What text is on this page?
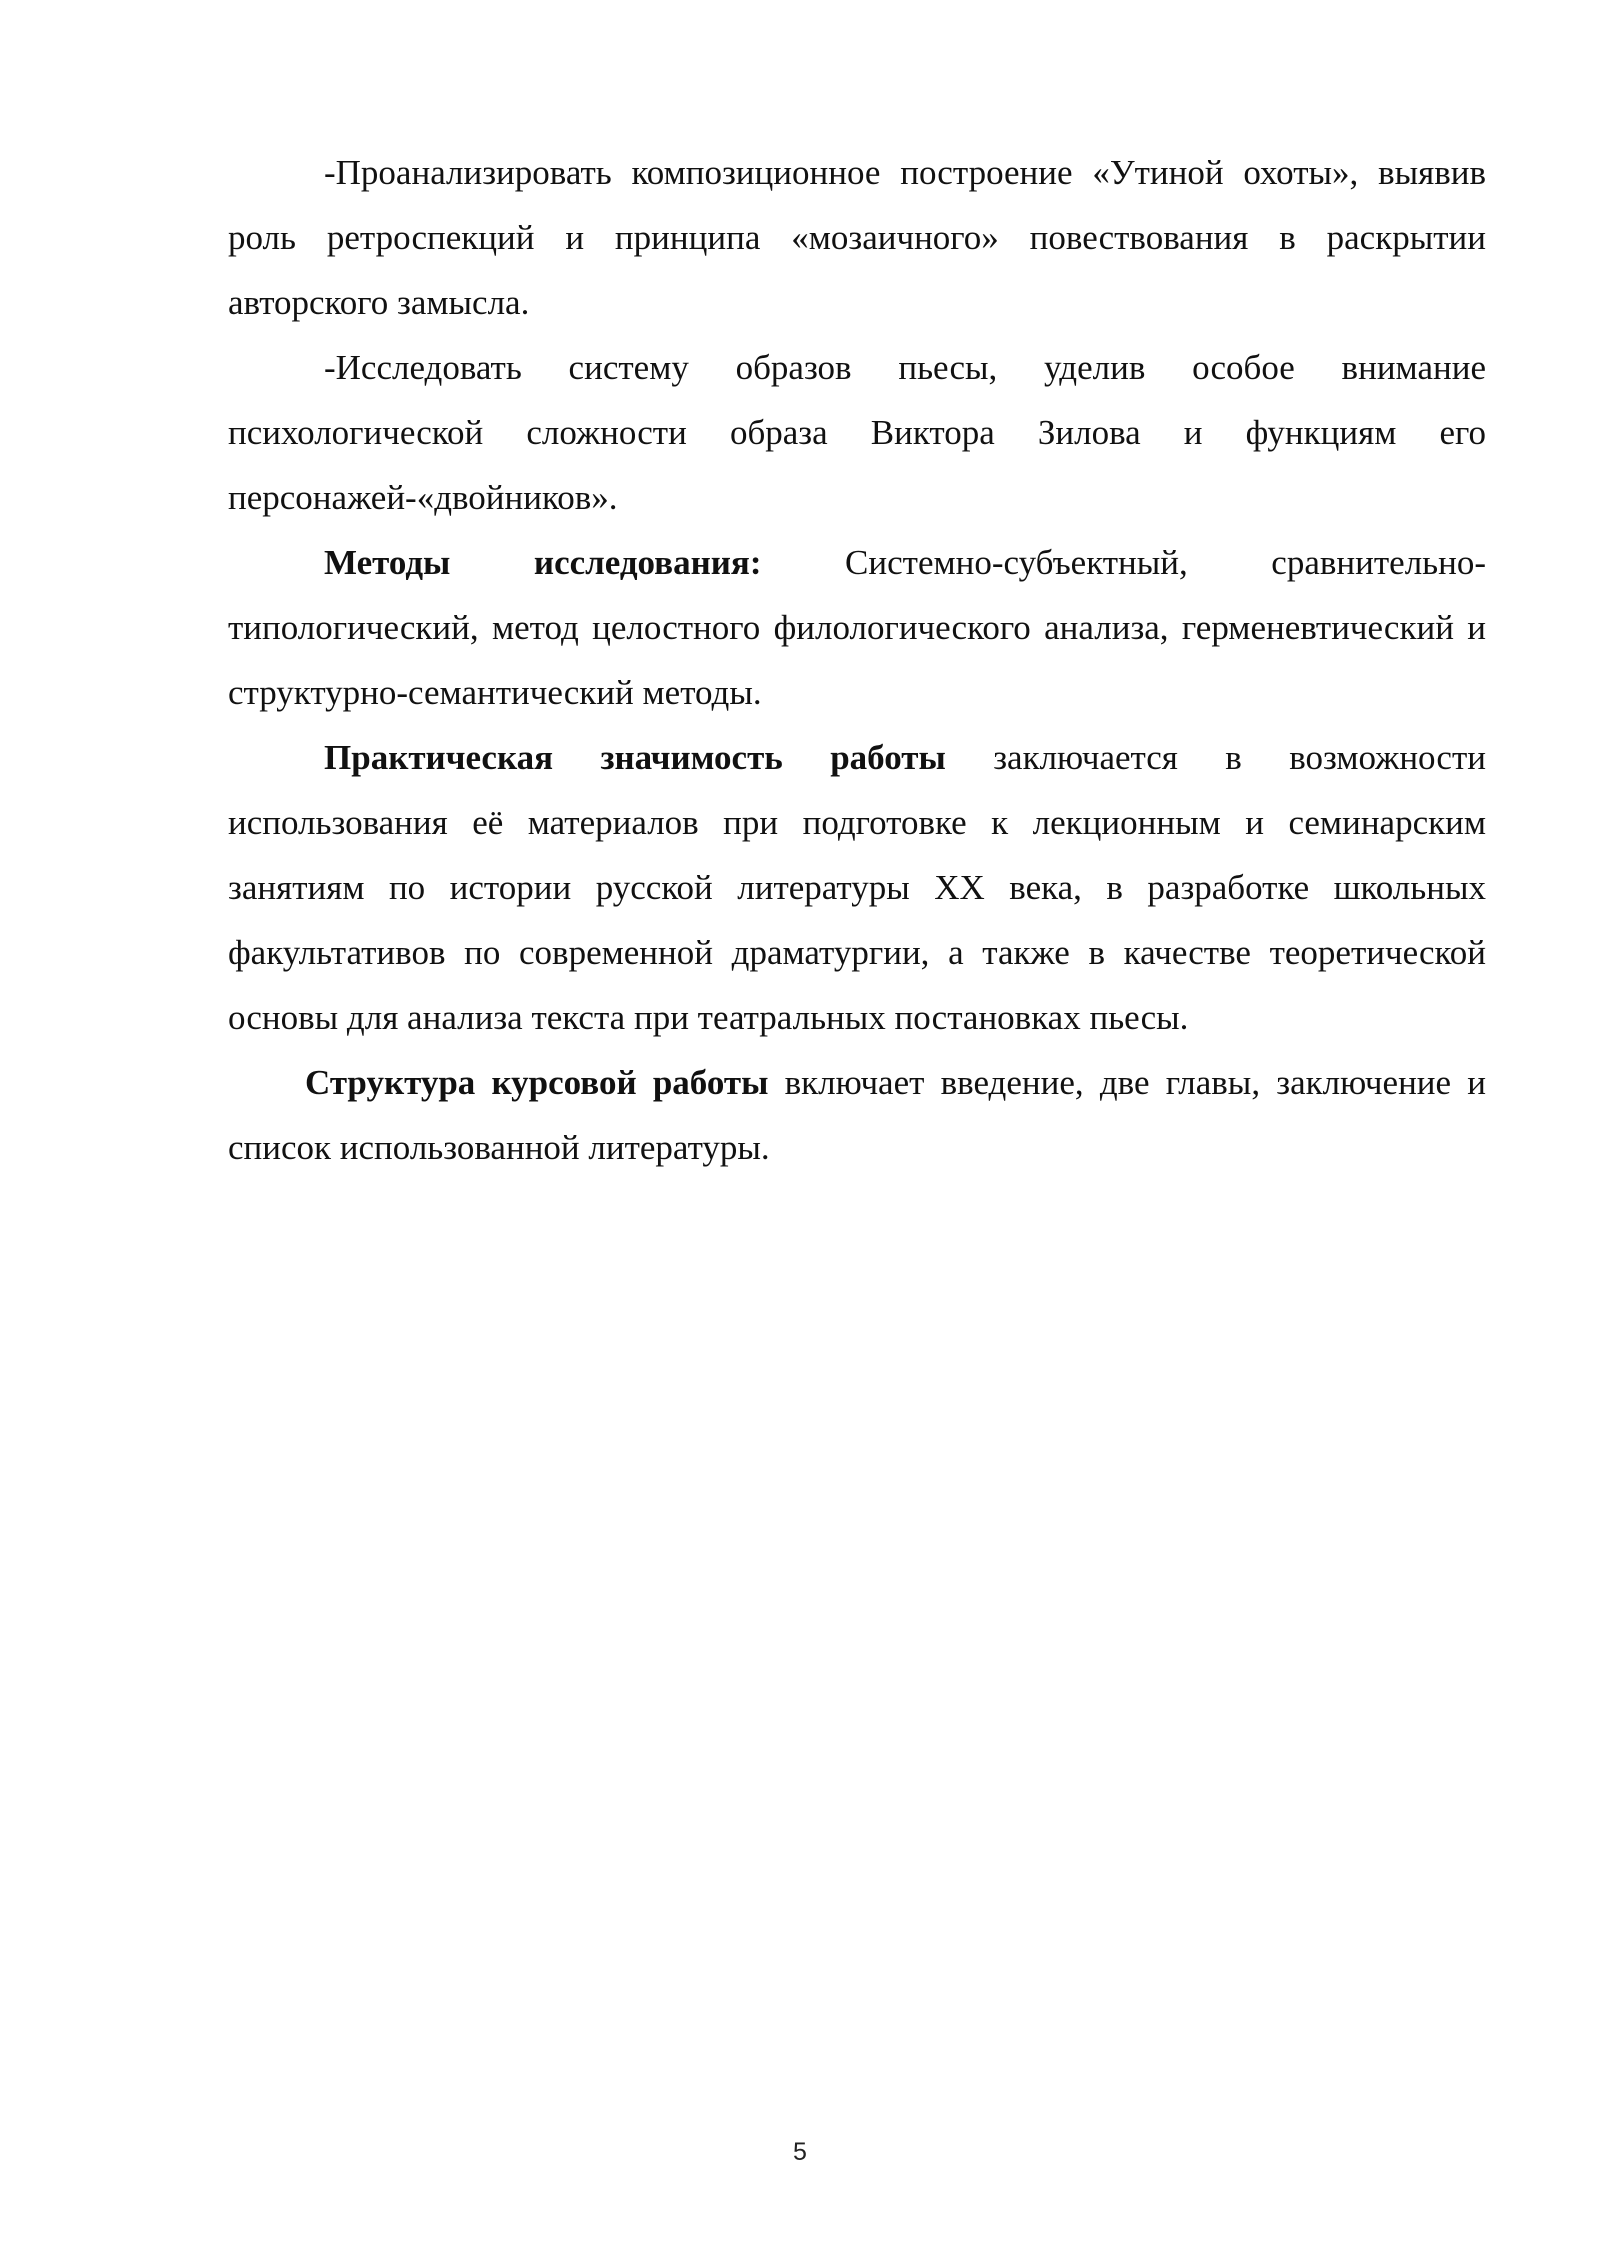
-Проанализировать композиционное построение «Утиной охоты», выявив роль ретроспекций и принципа «мозаичного» повествования в раскрытии авторского замысла.

-Исследовать систему образов пьесы, уделив особое внимание психологической сложности образа Виктора Зилова и функциям его персонажей-«двойников».

Методы исследования: Системно-субъектный, сравнительно-типологический, метод целостного филологического анализа, герменевтический и структурно-семантический методы.

Практическая значимость работы заключается в возможности использования её материалов при подготовке к лекционным и семинарским занятиям по истории русской литературы XX века, в разработке школьных факультативов по современной драматургии, а также в качестве теоретической основы для анализа текста при театральных постановках пьесы.

Структура курсовой работы включает введение, две главы, заключение и список использованной литературы.

5
